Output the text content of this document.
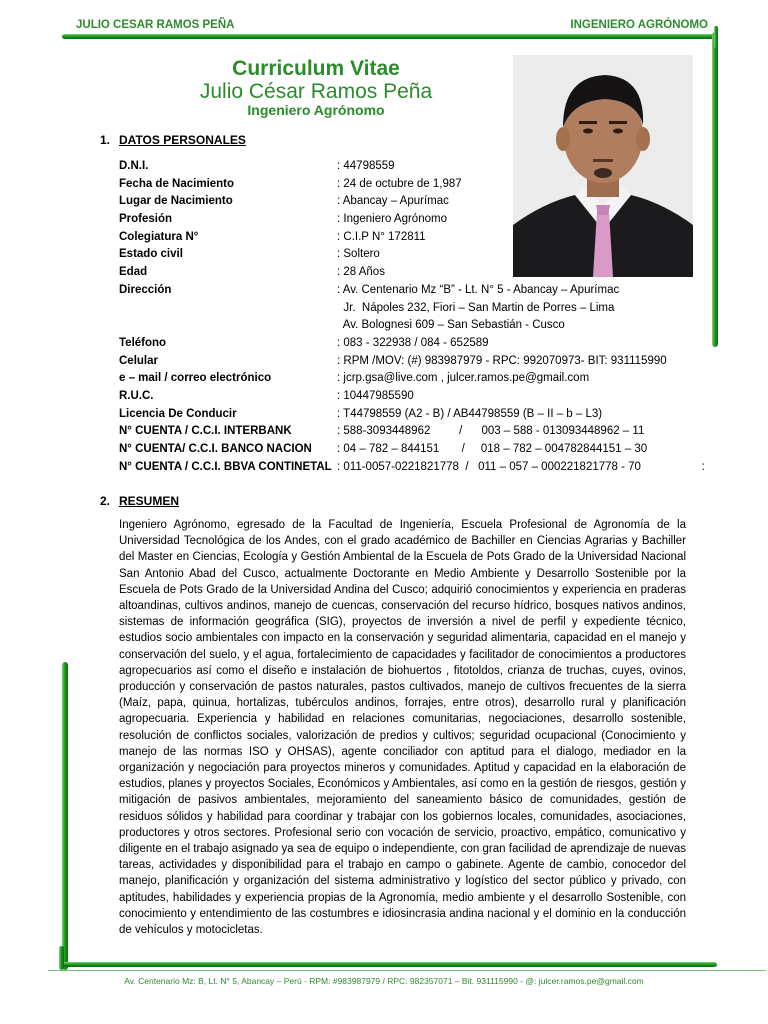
JULIO CESAR RAMOS PEÑA	INGENIERO AGRÓNOMO
Curriculum Vitae
Julio César Ramos Peña
Ingeniero Agrónomo
1. DATOS PERSONALES
D.N.I.	: 44798559
Fecha de Nacimiento	: 24 de octubre de 1,987
Lugar de Nacimiento	: Abancay – Apurímac
Profesión	: Ingeniero Agrónomo
Colegiatura N°	: C.I.P N° 172811
Estado civil	: Soltero
Edad	: 28 Años
Dirección	: Av. Centenario Mz “B” - Lt. N° 5 - Abancay – Apurímac
Jr.  Nápoles 232, Fiori – San Martin de Porres – Lima
Av. Bolognesi 609 – San Sebastián - Cusco
Teléfono	: 083 - 322938 / 084 - 652589
Celular	: RPM /MOV: (#) 983987979 - RPC: 992070973- BIT: 931115990
e – mail / correo electrónico	: jcrp.gsa@live.com , julcer.ramos.pe@gmail.com
R.U.C.	: 10447985590
Licencia De Conducir	: T44798559 (A2 - B) / AB44798559 (B – II – b – L3)
N° CUENTA / C.C.I. INTERBANK	: 588-3093448962         /      003 – 588 - 013093448962 – 11
N° CUENTA/ C.C.I. BANCO NACION : 04 – 782 – 844151       /     018 – 782 – 004782844151 – 30
N° CUENTA / C.C.I. BBVA CONTINETAL : 011-0057-0221821778  /   011 – 057 – 000221821778 - 70                   :
2. RESUMEN
Ingeniero Agrónomo, egresado de la Facultad de Ingeniería, Escuela Profesional de Agronomía de la Universidad Tecnológica de los Andes, con el grado académico de Bachiller en Ciencias Agrarias y Bachiller del Master en Ciencias, Ecología y Gestión Ambiental de la Escuela de Pots Grado de la Universidad Nacional San Antonio Abad del Cusco, actualmente Doctorante en Medio Ambiente y Desarrollo Sostenible por la Escuela de Pots Grado de la Universidad Andina del Cusco; adquirió conocimientos y experiencia en praderas altoandinas, cultivos andinos, manejo de cuencas, conservación del recurso hídrico, bosques nativos andinos, sistemas de información geográfica (SIG), proyectos de inversión a nivel de perfil y expediente técnico, estudios socio ambientales con impacto en la conservación y seguridad alimentaria, capacidad en el manejo y conservación del suelo, y el agua, fortalecimiento de capacidades y facilitador de conocimientos a productores agropecuarios así como el diseño e instalación de biohuertos , fitotoldos, crianza de truchas, cuyes, ovinos, producción y conservación de pastos naturales, pastos cultivados, manejo de cultivos frecuentes de la sierra (Maíz, papa, quinua, hortalizas, tubérculos andinos, forrajes, entre otros), desarrollo rural y planificación agropecuaria. Experiencia y habilidad en relaciones comunitarias, negociaciones, desarrollo sostenible, resolución de conflictos sociales, valorización de predios y cultivos; seguridad ocupacional (Conocimiento y manejo de las normas ISO y OHSAS), agente conciliador con aptitud para el dialogo, mediador en la organización y negociación para proyectos mineros y comunidades. Aptitud y capacidad en la elaboración de estudios, planes y proyectos Sociales, Económicos y Ambientales, así como en la gestión de riesgos, gestión y mitigación de pasivos ambientales, mejoramiento del saneamiento básico de comunidades, gestión de residuos sólidos y habilidad para coordinar y trabajar con los gobiernos locales, comunidades, asociaciones, productores y otros sectores. Profesional serio con vocación de servicio, proactivo, empático, comunicativo y diligente en el trabajo asignado ya sea de equipo o independiente, con gran facilidad de aprendizaje de nuevas tareas, actividades y disponibilidad para el trabajo en campo o gabinete. Agente de cambio, conocedor del manejo, planificación y organización del sistema administrativo y logístico del sector público y privado, con aptitudes, habilidades y experiencia propias de la Agronomía, medio ambiente y el desarrollo Sostenible, con conocimiento y entendimiento de las costumbres e idiosincrasia andina nacional y el dominio en la conducción de vehículos y motocicletas.
Av. Centenario Mz: B, Lt. N° 5, Abancay – Perú - RPM: #983987979 / RPC: 982357071 – Bit. 931115990 - @: julcer.ramos.pe@gmail.com
